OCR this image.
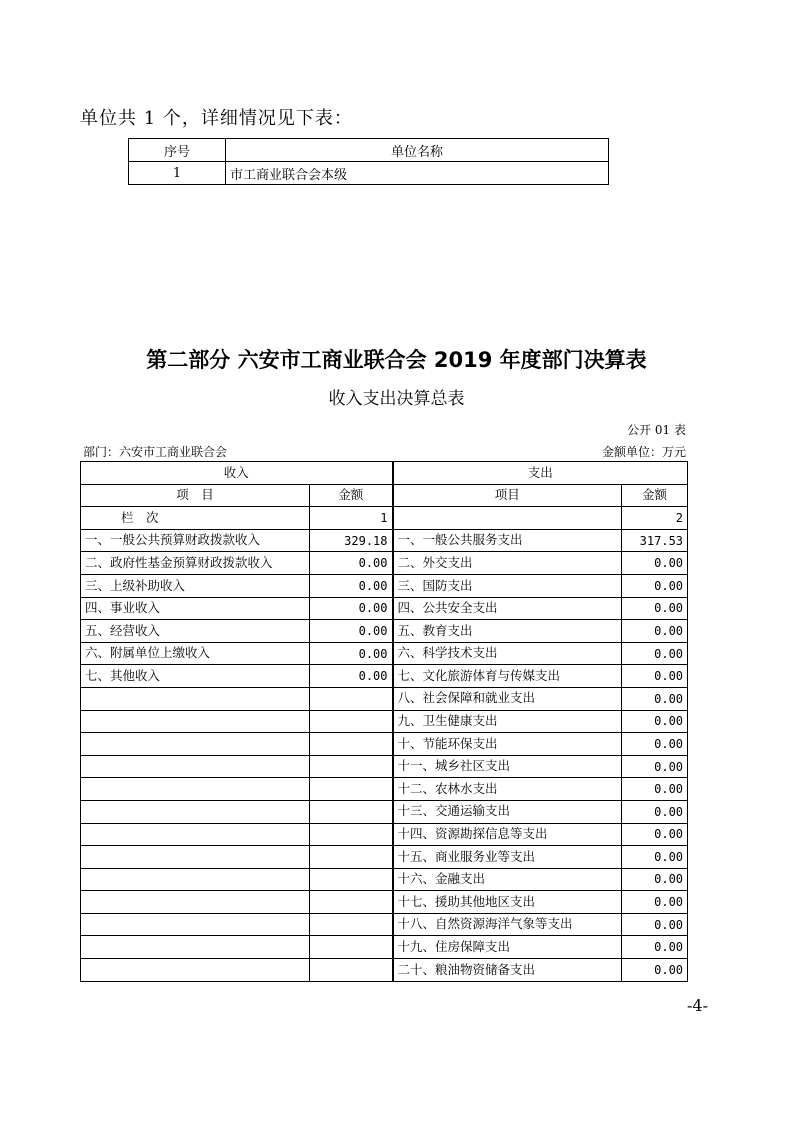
单位共 1 个，详细情况见下表：
序号	单位名称
1	市工商业联合会本级
第二部分 六安市工商业联合会 2019 年度部门决算表
收入支出决算总表
公开 01 表
部门：六安市工商业联合会	金额单位：万元
收入		支出	
项　目	金额	项目	金额
栏　次	1		2
一、一般公共预算财政拨款收入	329.18	一、一般公共服务支出	317.53
二、政府性基金预算财政拨款收入	0.00	二、外交支出	0.00
三、上级补助收入	0.00	三、国防支出	0.00
四、事业收入	0.00	四、公共安全支出	0.00
五、经营收入	0.00	五、教育支出	0.00
六、附属单位上缴收入	0.00	六、科学技术支出	0.00
七、其他收入	0.00	七、文化旅游体育与传媒支出	0.00
		八、社会保障和就业支出	0.00
		九、卫生健康支出	0.00
		十、节能环保支出	0.00
		十一、城乡社区支出	0.00
		十二、农林水支出	0.00
		十三、交通运输支出	0.00
		十四、资源勘探信息等支出	0.00
		十五、商业服务业等支出	0.00
		十六、金融支出	0.00
		十七、援助其他地区支出	0.00
		十八、自然资源海洋气象等支出	0.00
		十九、住房保障支出	0.00
		二十、粮油物资储备支出	0.00
-4-
